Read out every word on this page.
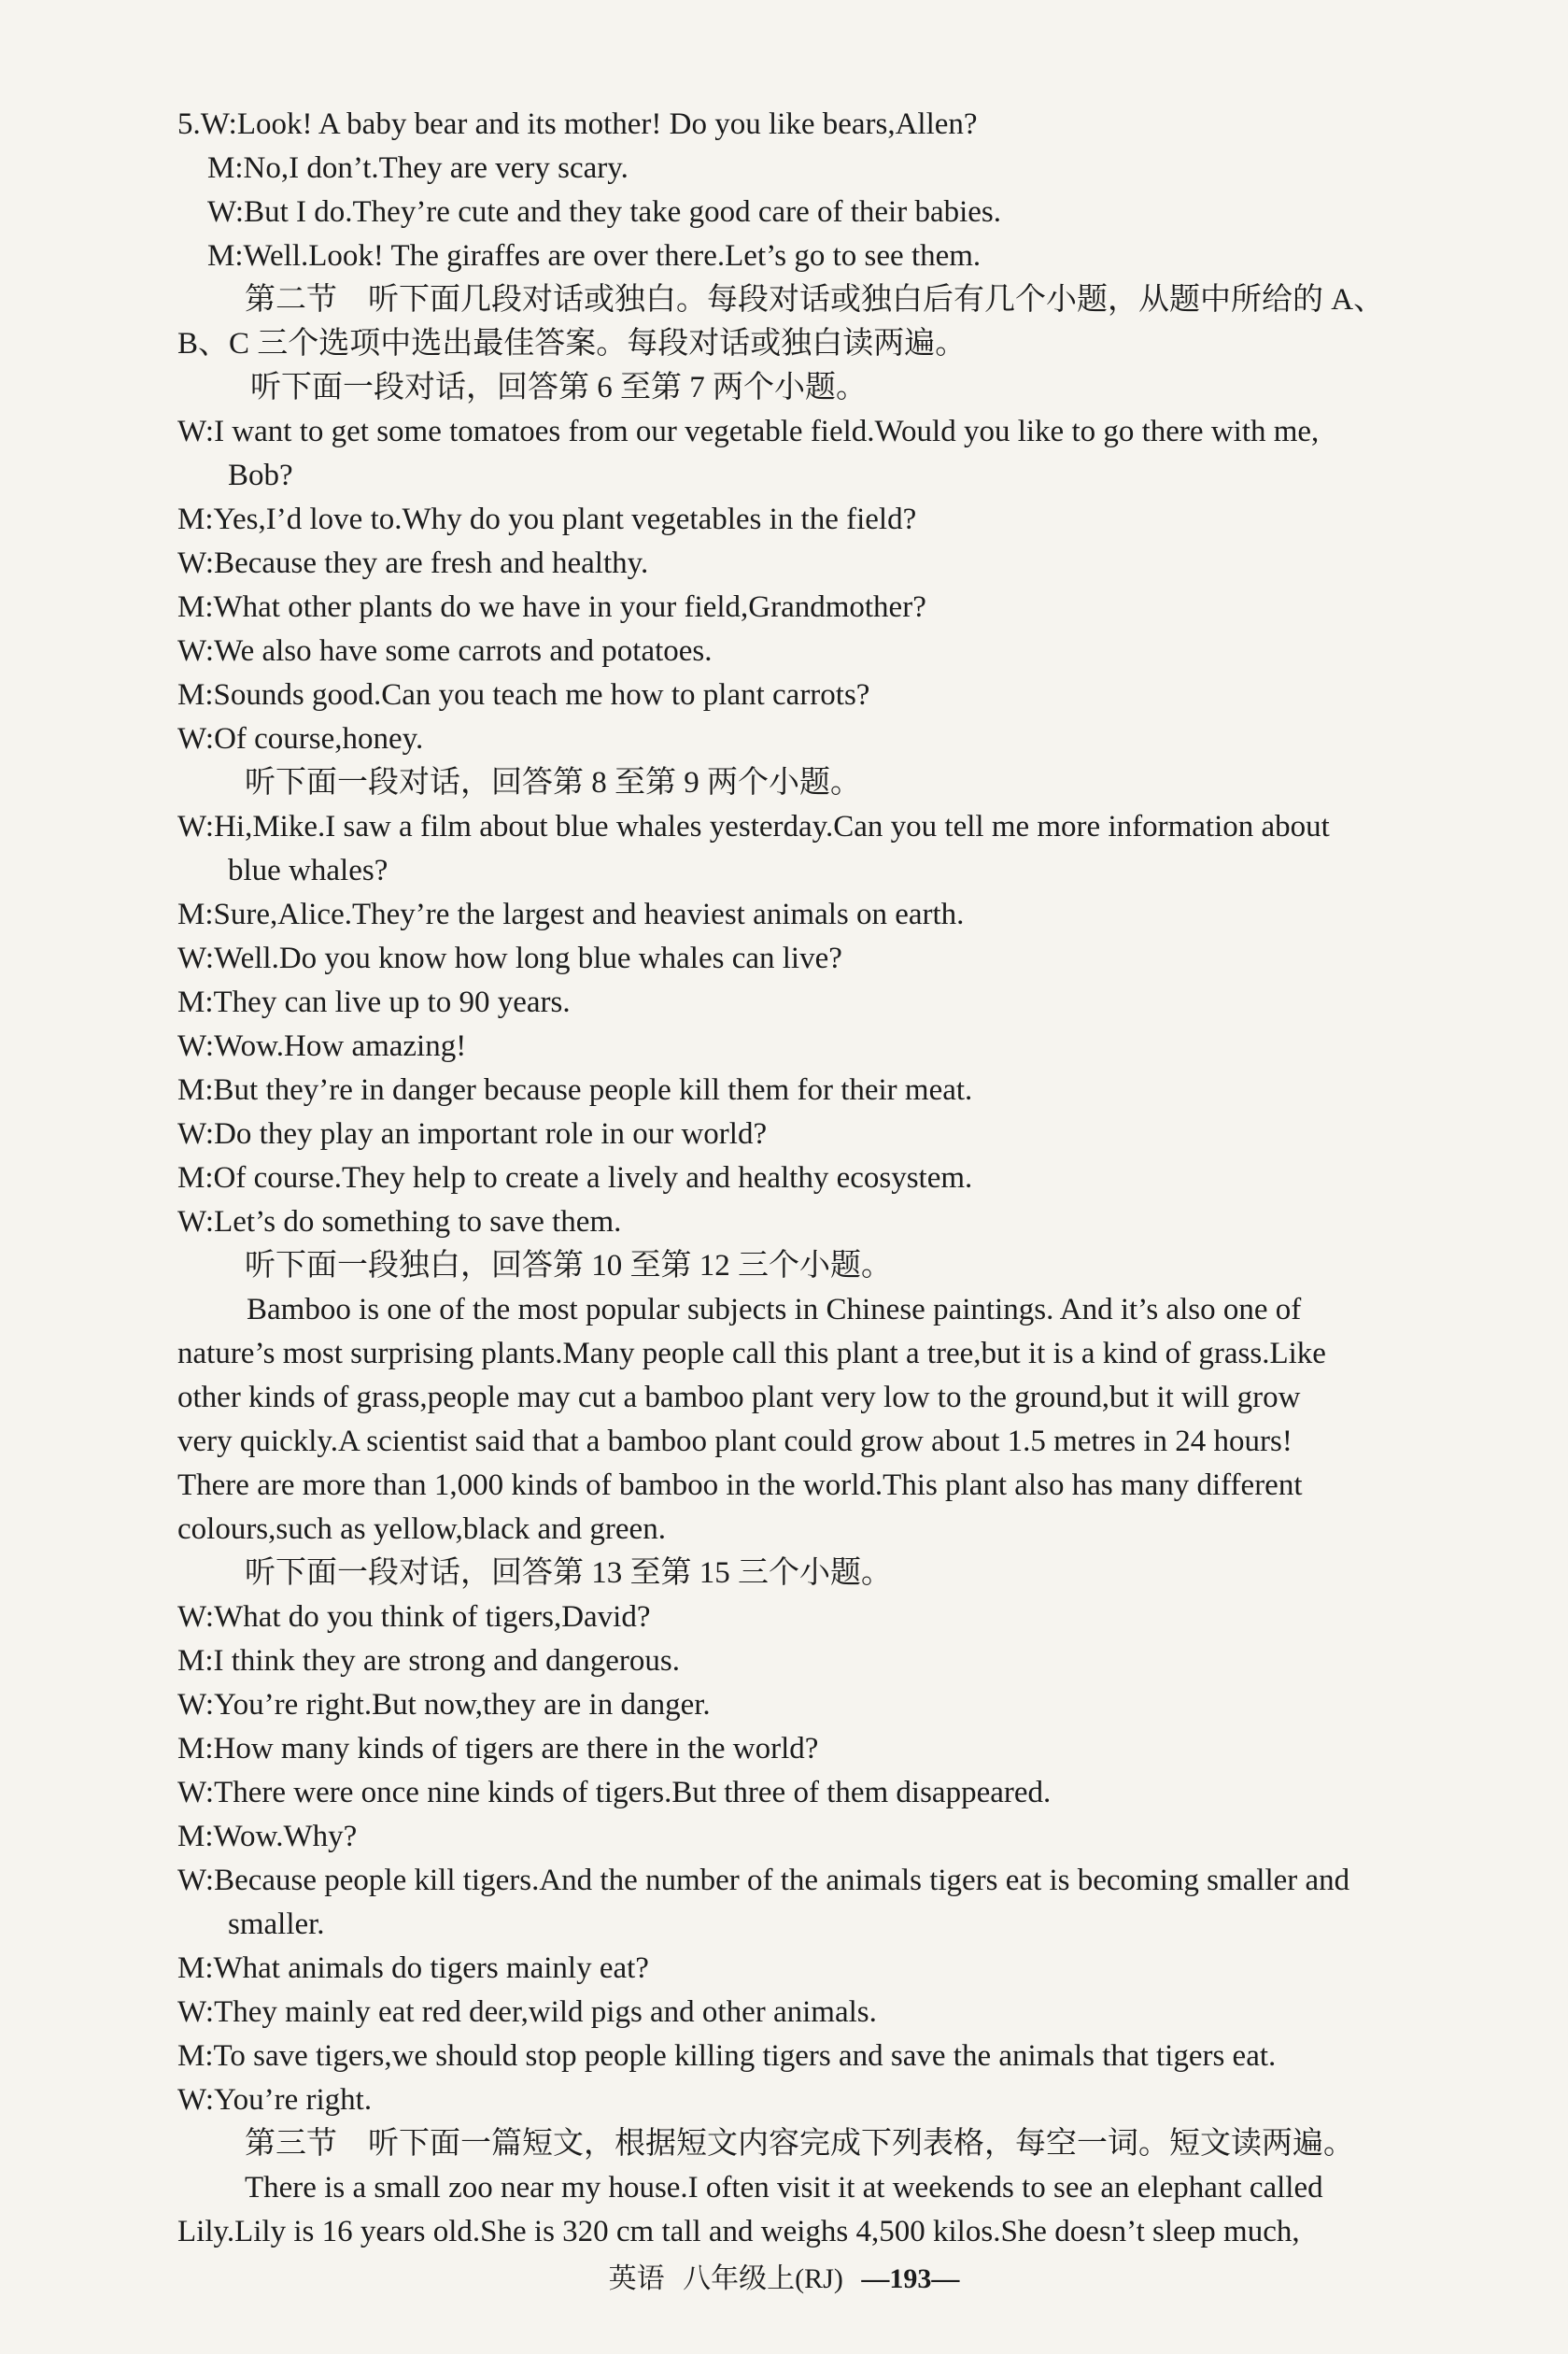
5.W:Look! A baby bear and its mother! Do you like bears,Allen?
M:No,I don’t.They are very scary.
W:But I do.They’re cute and they take good care of their babies.
M:Well.Look! The giraffes are over there.Let’s go to see them.
第二节　听下面几段对话或独白。每段对话或独白后有几个小题，从题中所给的 A、
B、C 三个选项中选出最佳答案。每段对话或独白读两遍。
听下面一段对话，回答第 6 至第 7 两个小题。
W:I want to get some tomatoes from our vegetable field.Would you like to go there with me,
Bob?
M:Yes,I’d love to.Why do you plant vegetables in the field?
W:Because they are fresh and healthy.
M:What other plants do we have in your field,Grandmother?
W:We also have some carrots and potatoes.
M:Sounds good.Can you teach me how to plant carrots?
W:Of course,honey.
听下面一段对话，回答第 8 至第 9 两个小题。
W:Hi,Mike.I saw a film about blue whales yesterday.Can you tell me more information about
blue whales?
M:Sure,Alice.They’re the largest and heaviest animals on earth.
W:Well.Do you know how long blue whales can live?
M:They can live up to 90 years.
W:Wow.How amazing!
M:But they’re in danger because people kill them for their meat.
W:Do they play an important role in our world?
M:Of course.They help to create a lively and healthy ecosystem.
W:Let’s do something to save them.
听下面一段独白，回答第 10 至第 12 三个小题。
Bamboo is one of the most popular subjects in Chinese paintings. And it’s also one of
nature’s most surprising plants.Many people call this plant a tree,but it is a kind of grass.Like
other kinds of grass,people may cut a bamboo plant very low to the ground,but it will grow
very quickly.A scientist said that a bamboo plant could grow about 1.5 metres in 24 hours!
There are more than 1,000 kinds of bamboo in the world.This plant also has many different
colours,such as yellow,black and green.
听下面一段对话，回答第 13 至第 15 三个小题。
W:What do you think of tigers,David?
M:I think they are strong and dangerous.
W:You’re right.But now,they are in danger.
M:How many kinds of tigers are there in the world?
W:There were once nine kinds of tigers.But three of them disappeared.
M:Wow.Why?
W:Because people kill tigers.And the number of the animals tigers eat is becoming smaller and
smaller.
M:What animals do tigers mainly eat?
W:They mainly eat red deer,wild pigs and other animals.
M:To save tigers,we should stop people killing tigers and save the animals that tigers eat.
W:You’re right.
第三节　听下面一篇短文，根据短文内容完成下列表格，每空一词。短文读两遍。
There is a small zoo near my house.I often visit it at weekends to see an elephant called
Lily.Lily is 16 years old.She is 320 cm tall and weighs 4,500 kilos.She doesn’t sleep much,
英语 八年级上(RJ) —193—
